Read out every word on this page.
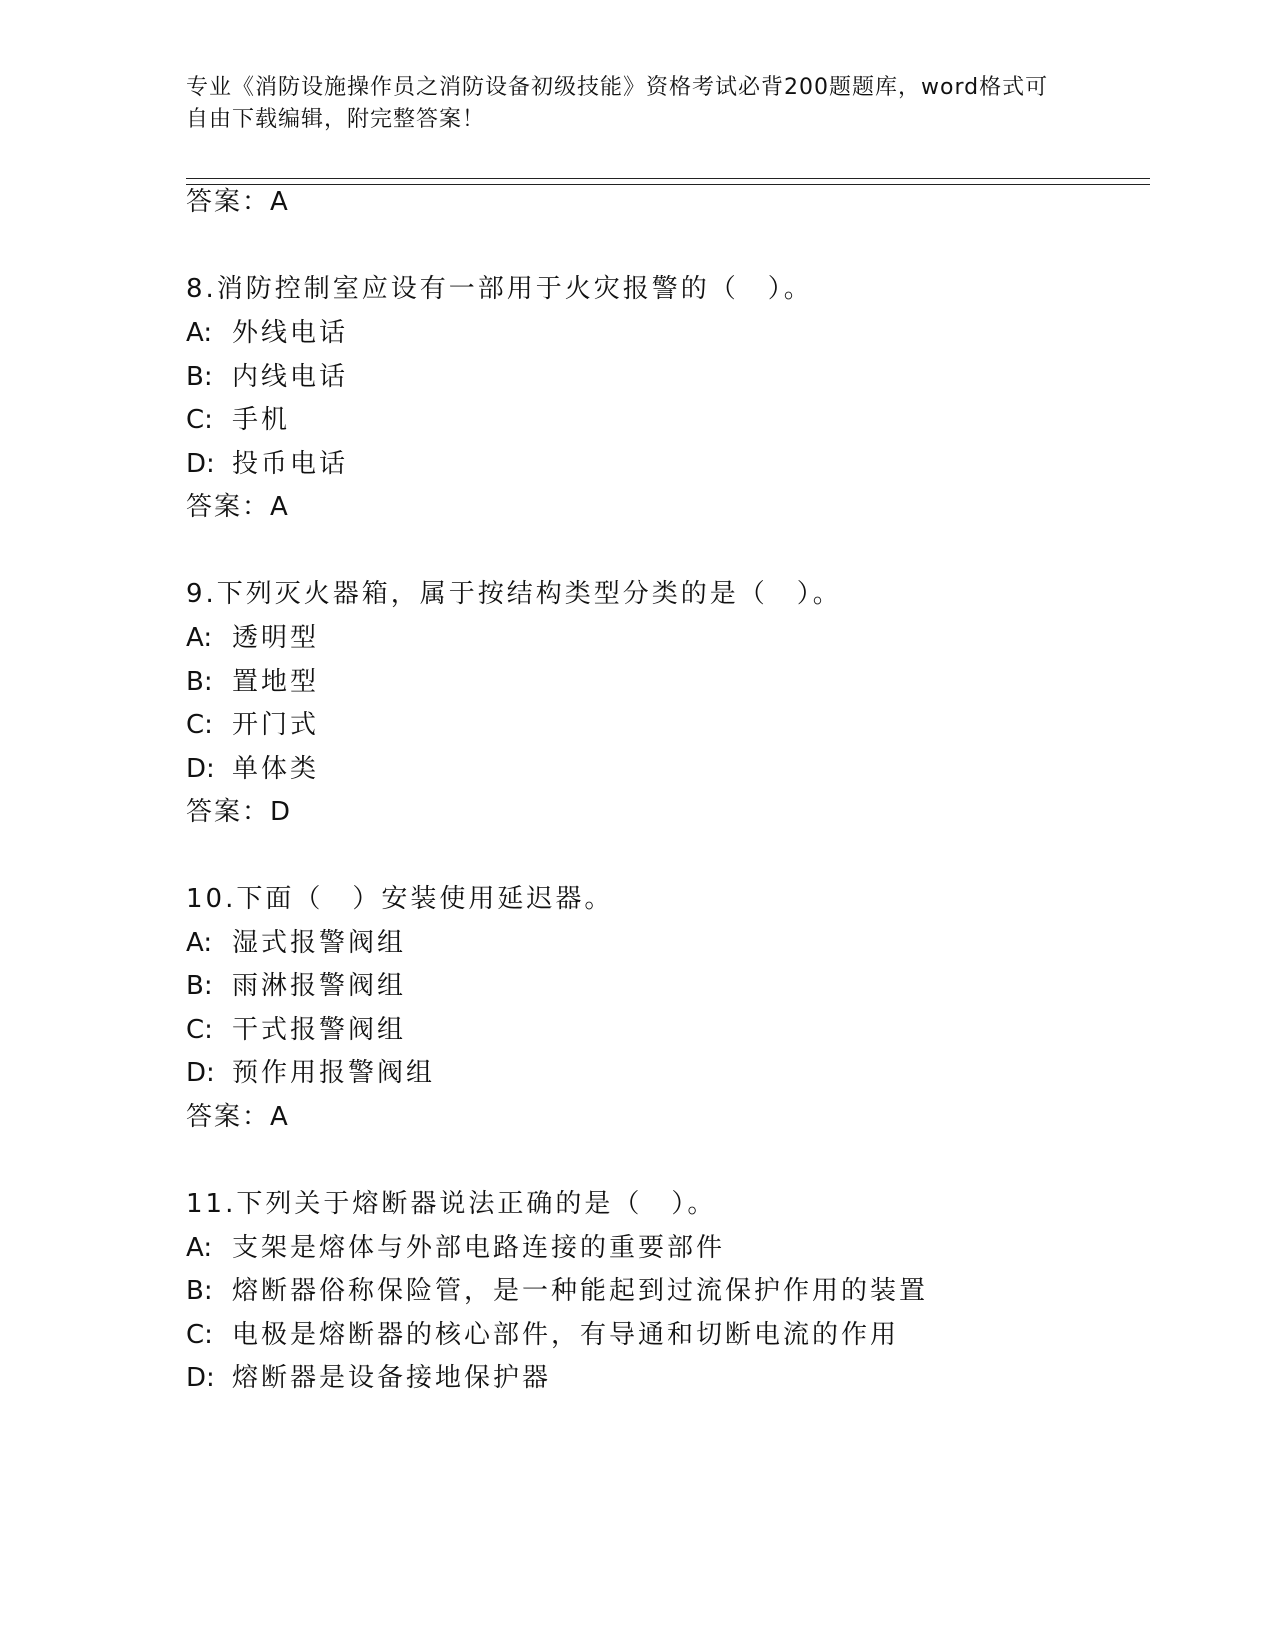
专业《消防设施操作员之消防设备初级技能》资格考试必背200题题库，word格式可自由下载编辑，附完整答案！
答案：A
8.消防控制室应设有一部用于火灾报警的（　）。
A: 外线电话
B: 内线电话
C: 手机
D: 投币电话
答案：A
9.下列灭火器箱，属于按结构类型分类的是（　）。
A: 透明型
B: 置地型
C: 开门式
D: 单体类
答案：D
10.下面（　）安装使用延迟器。
A: 湿式报警阀组
B: 雨淋报警阀组
C: 干式报警阀组
D: 预作用报警阀组
答案：A
11.下列关于熔断器说法正确的是（　）。
A: 支架是熔体与外部电路连接的重要部件
B: 熔断器俗称保险管，是一种能起到过流保护作用的装置
C: 电极是熔断器的核心部件，有导通和切断电流的作用
D: 熔断器是设备接地保护器
